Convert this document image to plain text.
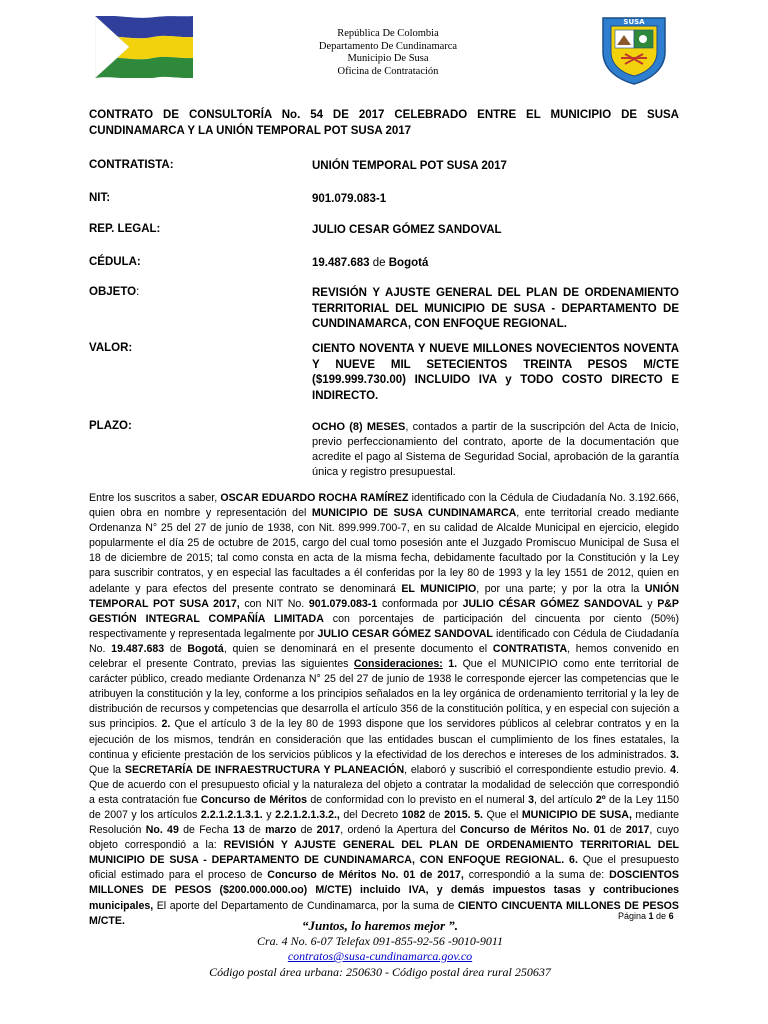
República De Colombia
Departamento De Cundinamarca
Municipio De Susa
Oficina de Contratación
SUSA
CONTRATO DE CONSULTORÍA No. 54 DE 2017 CELEBRADO ENTRE EL MUNICIPIO DE SUSA CUNDINAMARCA Y LA UNIÓN TEMPORAL POT SUSA 2017
CONTRATISTA:	UNIÓN TEMPORAL POT SUSA 2017
NIT:	901.079.083-1
REP. LEGAL:	JULIO CESAR GÓMEZ SANDOVAL
CÉDULA:	19.487.683 de Bogotá
OBJETO:	REVISIÓN Y AJUSTE GENERAL DEL PLAN DE ORDENAMIENTO TERRITORIAL DEL MUNICIPIO DE SUSA - DEPARTAMENTO DE CUNDINAMARCA, CON ENFOQUE REGIONAL.
VALOR:	CIENTO NOVENTA Y NUEVE MILLONES NOVECIENTOS NOVENTA Y NUEVE MIL SETECIENTOS TREINTA PESOS M/CTE ($199.999.730.00) INCLUIDO IVA y TODO COSTO DIRECTO E INDIRECTO.
PLAZO:	OCHO (8) MESES, contados a partir de la suscripción del Acta de Inicio, previo perfeccionamiento del contrato, aporte de la documentación que acredite el pago al Sistema de Seguridad Social, aprobación de la garantía única y registro presupuestal.
Entre los suscritos a saber, OSCAR EDUARDO ROCHA RAMÍREZ identificado con la Cédula de Ciudadanía No. 3.192.666, quien obra en nombre y representación del MUNICIPIO DE SUSA CUNDINAMARCA, ente territorial creado mediante Ordenanza N° 25 del 27 de junio de 1938, con Nit. 899.999.700-7, en su calidad de Alcalde Municipal en ejercicio, elegido popularmente el día 25 de octubre de 2015, cargo del cual tomo posesión ante el Juzgado Promiscuo Municipal de Susa el 18 de diciembre de 2015; tal como consta en acta de la misma fecha, debidamente facultado por la Constitución y la Ley para suscribir contratos, y en especial las facultades a él conferidas por la ley 80 de 1993 y la ley 1551 de 2012, quien en adelante y para efectos del presente contrato se denominará EL MUNICIPIO, por una parte; y por la otra la UNIÓN TEMPORAL POT SUSA 2017, con NIT No. 901.079.083-1 conformada por JULIO CÉSAR GÓMEZ SANDOVAL y P&P GESTIÓN INTEGRAL COMPAÑÍA LIMITADA con porcentajes de participación del cincuenta por ciento (50%) respectivamente y representada legalmente por JULIO CESAR GÓMEZ SANDOVAL identificado con Cédula de Ciudadanía No. 19.487.683 de Bogotá, quien se denominará en el presente documento el CONTRATISTA, hemos convenido en celebrar el presente Contrato, previas las siguientes Consideraciones: 1. Que el MUNICIPIO como ente territorial de carácter público, creado mediante Ordenanza N° 25 del 27 de junio de 1938 le corresponde ejercer las competencias que le atribuyen la constitución y la ley, conforme a los principios señalados en la ley orgánica de ordenamiento territorial y la ley de distribución de recursos y competencias que desarrolla el artículo 356 de la constitución política, y en especial con sujeción a sus principios. 2. Que el artículo 3 de la ley 80 de 1993 dispone que los servidores públicos al celebrar contratos y en la ejecución de los mismos, tendrán en consideración que las entidades buscan el cumplimiento de los fines estatales, la continua y eficiente prestación de los servicios públicos y la efectividad de los derechos e intereses de los administrados. 3. Que la SECRETARÍA DE INFRAESTRUCTURA Y PLANEACIÓN, elaboró y suscribió el correspondiente estudio previo. 4. Que de acuerdo con el presupuesto oficial y la naturaleza del objeto a contratar la modalidad de selección que correspondió a esta contratación fue Concurso de Méritos de conformidad con lo previsto en el numeral 3, del artículo 2º de la Ley 1150 de 2007 y los artículos 2.2.1.2.1.3.1. y 2.2.1.2.1.3.2., del Decreto 1082 de 2015. 5. Que el MUNICIPIO DE SUSA, mediante Resolución No. 49 de Fecha 13 de marzo de 2017, ordenó la Apertura del Concurso de Méritos No. 01 de 2017, cuyo objeto correspondió a la: REVISIÓN Y AJUSTE GENERAL DEL PLAN DE ORDENAMIENTO TERRITORIAL DEL MUNICIPIO DE SUSA - DEPARTAMENTO DE CUNDINAMARCA, CON ENFOQUE REGIONAL. 6. Que el presupuesto oficial estimado para el proceso de Concurso de Méritos No. 01 de 2017, correspondió a la suma de: DOSCIENTOS MILLONES DE PESOS ($200.000.000.oo) M/CTE) incluido IVA, y demás impuestos tasas y contribuciones municipales, El aporte del Departamento de Cundinamarca, por la suma de CIENTO CINCUENTA MILLONES DE PESOS M/CTE.	Página 1 de 6
“Juntos, lo haremos mejor ”.
Cra. 4 No. 6-07 Telefax 091-855-92-56 -9010-9011
contratos@susa-cundinamarca.gov.co
Código postal área urbana: 250630 - Código postal área rural 250637
